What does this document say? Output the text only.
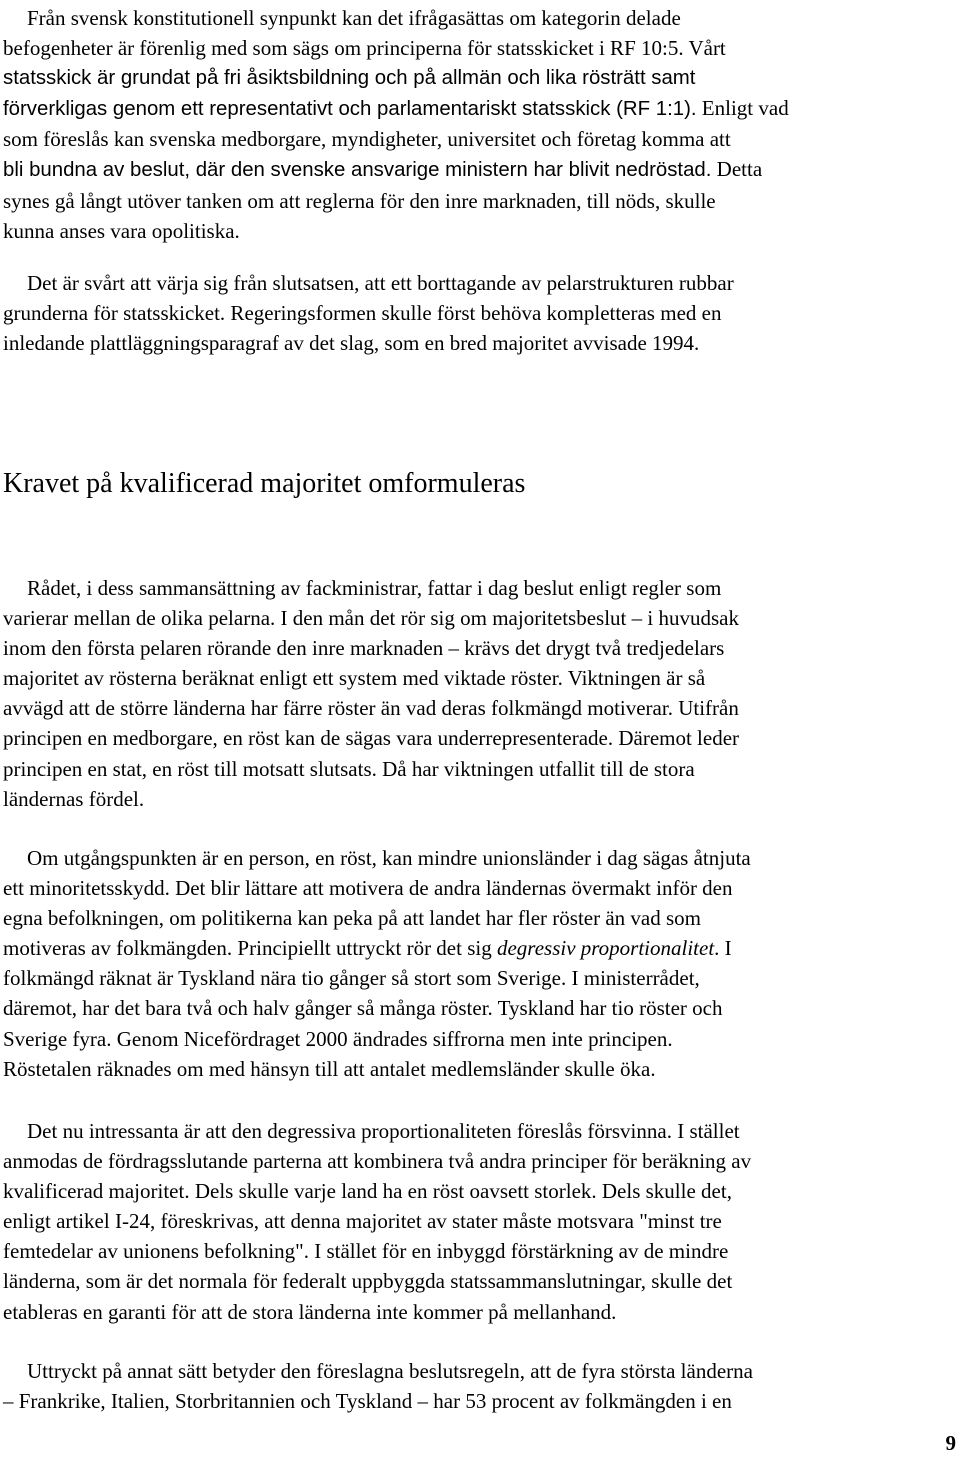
Från svensk konstitutionell synpunkt kan det ifrågasättas om kategorin delade
befogenheter är förenlig med som sägs om principerna för statsskicket i RF 10:5. Vårt
statsskick är grundat på fri åsiktsbildning och på allmän och lika rösträtt samt
förverkligas genom ett representativt och parlamentariskt statsskick (RF 1:1). Enligt vad
som föreslås kan svenska medborgare, myndigheter, universitet och företag komma att
bli bundna av beslut, där den svenske ansvarige ministern har blivit nedröstad. Detta
synes gå långt utöver tanken om att reglerna för den inre marknaden, till nöds, skulle
kunna anses vara opolitiska.

Det är svårt att värja sig från slutsatsen, att ett borttagande av pelarstrukturen rubbar
grunderna för statsskicket. Regeringsformen skulle först behöva kompletteras med en
inledande plattläggningsparagraf av det slag, som en bred majoritet avvisade 1994.

Kravet på kvalificerad majoritet omformuleras

Rådet, i dess sammansättning av fackministrar, fattar i dag beslut enligt regler som
varierar mellan de olika pelarna. I den mån det rör sig om majoritetsbeslut – i huvudsak
inom den första pelaren rörande den inre marknaden – krävs det drygt två tredjedelars
majoritet av rösterna beräknat enligt ett system med viktade röster. Viktningen är så
avvägd att de större länderna har färre röster än vad deras folkmängd motiverar. Utifrån
principen en medborgare, en röst kan de sägas vara underrepresenterade. Däremot leder
principen en stat, en röst till motsatt slutsats. Då har viktningen utfallit till de stora
ländernas fördel.

Om utgångspunkten är en person, en röst, kan mindre unionsländer i dag sägas åtnjuta
ett minoritetsskydd. Det blir lättare att motivera de andra ländernas övermakt inför den
egna befolkningen, om politikerna kan peka på att landet har fler röster än vad som
motiveras av folkmängden. Principiellt uttryckt rör det sig degressiv proportionalitet. I
folkmängd räknat är Tyskland nära tio gånger så stort som Sverige. I ministerrådet,
däremot, har det bara två och halv gånger så många röster. Tyskland har tio röster och
Sverige fyra. Genom Nicefördraget 2000 ändrades siffrorna men inte principen.
Röstetalen räknades om med hänsyn till att antalet medlemsländer skulle öka.

Det nu intressanta är att den degressiva proportionaliteten föreslås försvinna. I stället
anmodas de fördragsslutande parterna att kombinera två andra principer för beräkning av
kvalificerad majoritet. Dels skulle varje land ha en röst oavsett storlek. Dels skulle det,
enligt artikel I-24, föreskrivas, att denna majoritet av stater måste motsvara "minst tre
femtedelar av unionens befolkning". I stället för en inbyggd förstärkning av de mindre
länderna, som är det normala för federalt uppbyggda statssammanslutningar, skulle det
etableras en garanti för att de stora länderna inte kommer på mellanhand.

Uttryckt på annat sätt betyder den föreslagna beslutsregeln, att de fyra största länderna
– Frankrike, Italien, Storbritannien och Tyskland – har 53 procent av folkmängden i en

9
